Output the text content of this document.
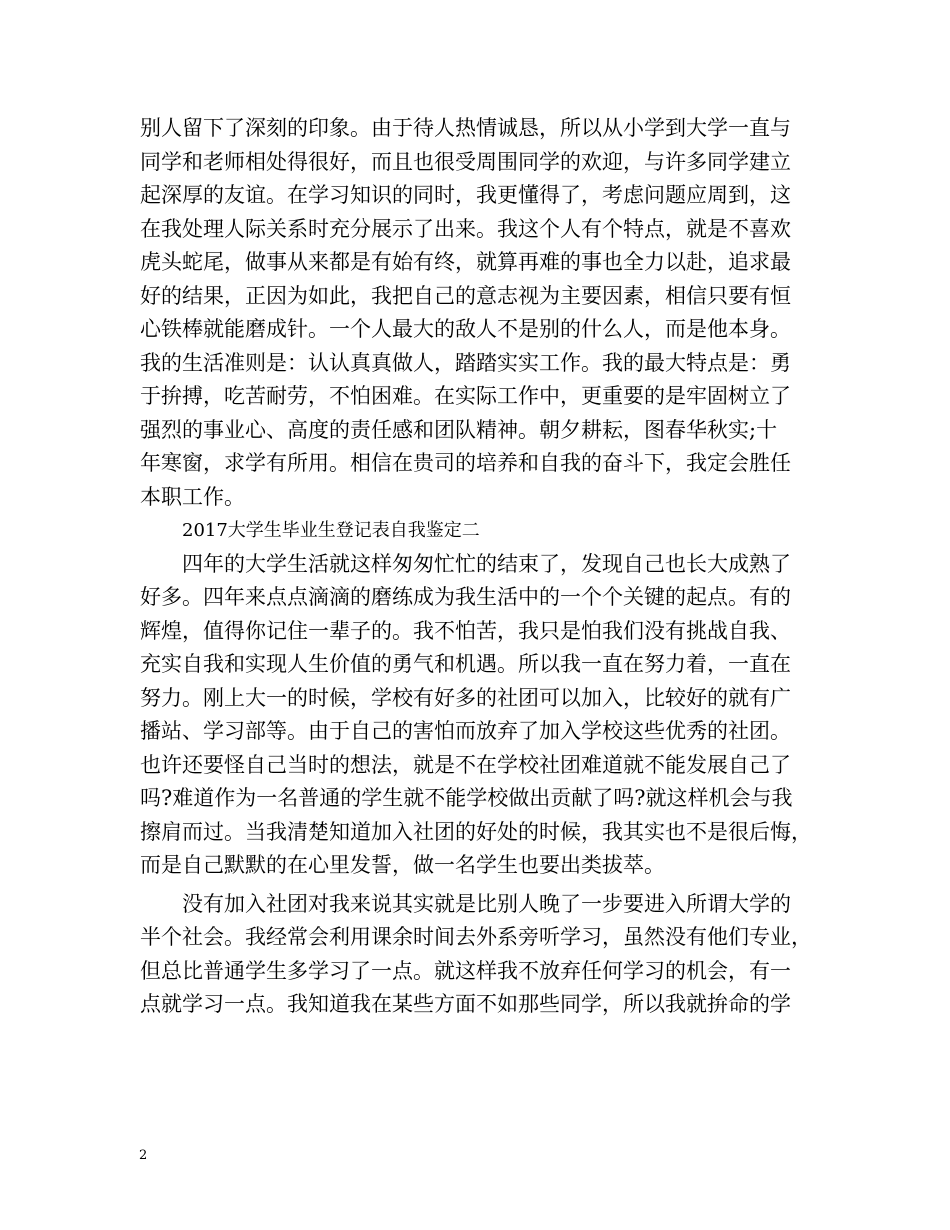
别人留下了深刻的印象。由于待人热情诚恳，所以从小学到大学一直与
同学和老师相处得很好，而且也很受周围同学的欢迎，与许多同学建立
起深厚的友谊。在学习知识的同时，我更懂得了，考虑问题应周到，这
在我处理人际关系时充分展示了出来。我这个人有个特点，就是不喜欢
虎头蛇尾，做事从来都是有始有终，就算再难的事也全力以赴，追求最
好的结果，正因为如此，我把自己的意志视为主要因素，相信只要有恒
心铁棒就能磨成针。一个人最大的敌人不是别的什么人，而是他本身。
我的生活准则是：认认真真做人，踏踏实实工作。我的最大特点是：勇
于拚搏，吃苦耐劳，不怕困难。在实际工作中，更重要的是牢固树立了
强烈的事业心、高度的责任感和团队精神。朝夕耕耘，图春华秋实;十
年寒窗，求学有所用。相信在贵司的培养和自我的奋斗下，我定会胜任
本职工作。
2017大学生毕业生登记表自我鉴定二
四年的大学生活就这样匆匆忙忙的结束了，发现自己也长大成熟了
好多。四年来点点滴滴的磨练成为我生活中的一个个关键的起点。有的
辉煌，值得你记住一辈子的。我不怕苦，我只是怕我们没有挑战自我、
充实自我和实现人生价值的勇气和机遇。所以我一直在努力着，一直在
努力。刚上大一的时候，学校有好多的社团可以加入，比较好的就有广
播站、学习部等。由于自己的害怕而放弃了加入学校这些优秀的社团。
也许还要怪自己当时的想法，就是不在学校社团难道就不能发展自己了
吗?难道作为一名普通的学生就不能学校做出贡献了吗?就这样机会与我
擦肩而过。当我清楚知道加入社团的好处的时候，我其实也不是很后悔，
而是自己默默的在心里发誓，做一名学生也要出类拔萃。
没有加入社团对我来说其实就是比别人晚了一步要进入所谓大学的
半个社会。我经常会利用课余时间去外系旁听学习，虽然没有他们专业，
但总比普通学生多学习了一点。就这样我不放弃任何学习的机会，有一
点就学习一点。我知道我在某些方面不如那些同学，所以我就拚命的学
2
